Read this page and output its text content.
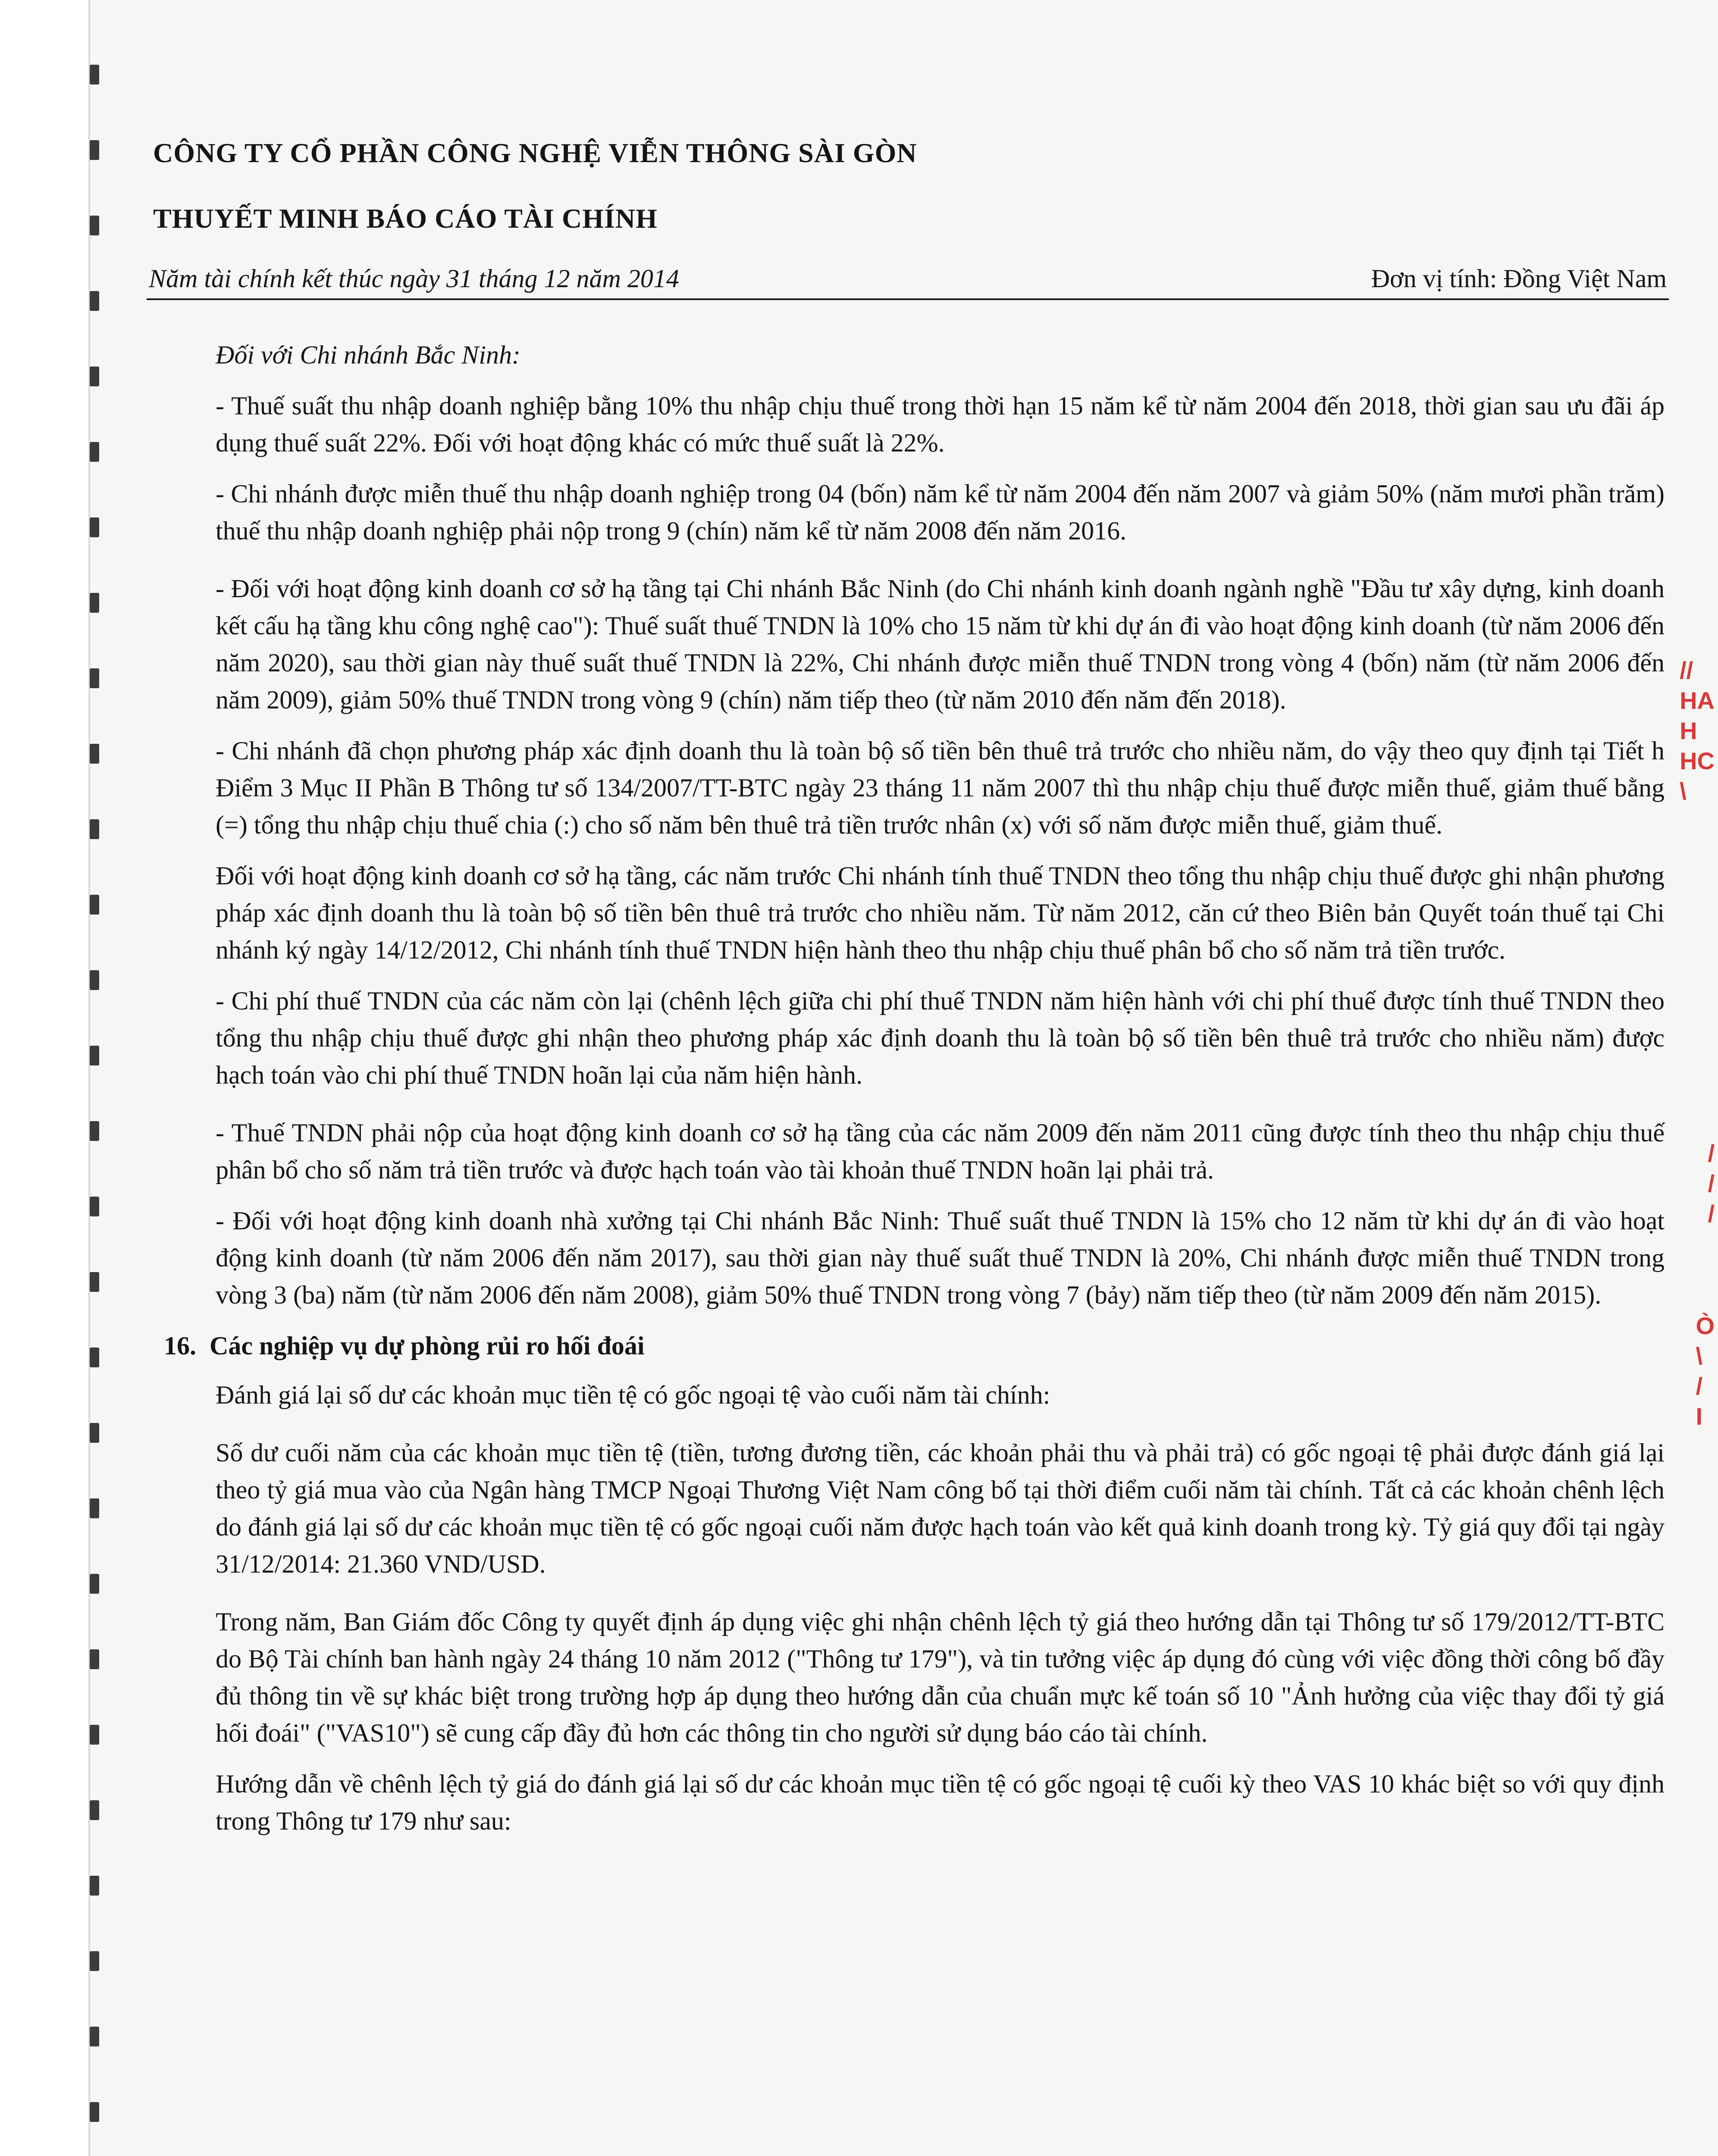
//
HA
H
HC
\
/
/
/
Ò
\
/
I
CÔNG TY CỔ PHẦN CÔNG NGHỆ VIỄN THÔNG SÀI GÒN
THUYẾT MINH BÁO CÁO TÀI CHÍNH
Năm tài chính kết thúc ngày 31 tháng 12 năm 2014	Đơn vị tính: Đồng Việt Nam

Đối với Chi nhánh Bắc Ninh:

- Thuế suất thu nhập doanh nghiệp bằng 10% thu nhập chịu thuế trong thời hạn 15 năm kể từ năm 2004 đến 2018, thời gian sau ưu đãi áp dụng thuế suất 22%. Đối với hoạt động khác có mức thuế suất là 22%.

- Chi nhánh được miễn thuế thu nhập doanh nghiệp trong 04 (bốn) năm kể từ năm 2004 đến năm 2007 và giảm 50% (năm mươi phần trăm) thuế thu nhập doanh nghiệp phải nộp trong 9 (chín) năm kể từ năm 2008 đến năm 2016.

- Đối với hoạt động kinh doanh cơ sở hạ tầng tại Chi nhánh Bắc Ninh (do Chi nhánh kinh doanh ngành nghề "Đầu tư xây dựng, kinh doanh kết cấu hạ tầng khu công nghệ cao"): Thuế suất thuế TNDN là 10% cho 15 năm từ khi dự án đi vào hoạt động kinh doanh (từ năm 2006 đến năm 2020), sau thời gian này thuế suất thuế TNDN là 22%, Chi nhánh được miễn thuế TNDN trong vòng 4 (bốn) năm (từ năm 2006 đến năm 2009), giảm 50% thuế TNDN trong vòng 9 (chín) năm tiếp theo (từ năm 2010 đến năm đến 2018).

- Chi nhánh đã chọn phương pháp xác định doanh thu là toàn bộ số tiền bên thuê trả trước cho nhiều năm, do vậy theo quy định tại Tiết h Điểm 3 Mục II Phần B Thông tư số 134/2007/TT-BTC ngày 23 tháng 11 năm 2007 thì thu nhập chịu thuế được miễn thuế, giảm thuế bằng (=) tổng thu nhập chịu thuế chia (:) cho số năm bên thuê trả tiền trước nhân (x) với số năm được miễn thuế, giảm thuế.

Đối với hoạt động kinh doanh cơ sở hạ tầng, các năm trước Chi nhánh tính thuế TNDN theo tổng thu nhập chịu thuế được ghi nhận phương pháp xác định doanh thu là toàn bộ số tiền bên thuê trả trước cho nhiều năm. Từ năm 2012, căn cứ theo Biên bản Quyết toán thuế tại Chi nhánh ký ngày 14/12/2012, Chi nhánh tính thuế TNDN hiện hành theo thu nhập chịu thuế phân bổ cho số năm trả tiền trước.

- Chi phí thuế TNDN của các năm còn lại (chênh lệch giữa chi phí thuế TNDN năm hiện hành với chi phí thuế được tính thuế TNDN theo tổng thu nhập chịu thuế được ghi nhận theo phương pháp xác định doanh thu là toàn bộ số tiền bên thuê trả trước cho nhiều năm) được hạch toán vào chi phí thuế TNDN hoãn lại của năm hiện hành.

- Thuế TNDN phải nộp của hoạt động kinh doanh cơ sở hạ tầng của các năm 2009 đến năm 2011 cũng được tính theo thu nhập chịu thuế phân bổ cho số năm trả tiền trước và được hạch toán vào tài khoản thuế TNDN hoãn lại phải trả.

- Đối với hoạt động kinh doanh nhà xưởng tại Chi nhánh Bắc Ninh: Thuế suất thuế TNDN là 15% cho 12 năm từ khi dự án đi vào hoạt động kinh doanh (từ năm 2006 đến năm 2017), sau thời gian này thuế suất thuế TNDN là 20%, Chi nhánh được miễn thuế TNDN trong vòng 3 (ba) năm (từ năm 2006 đến năm 2008), giảm 50% thuế TNDN trong vòng 7 (bảy) năm tiếp theo (từ năm 2009 đến năm 2015).

16. Các nghiệp vụ dự phòng rủi ro hối đoái

Đánh giá lại số dư các khoản mục tiền tệ có gốc ngoại tệ vào cuối năm tài chính:

Số dư cuối năm của các khoản mục tiền tệ (tiền, tương đương tiền, các khoản phải thu và phải trả) có gốc ngoại tệ phải được đánh giá lại theo tỷ giá mua vào của Ngân hàng TMCP Ngoại Thương Việt Nam công bố tại thời điểm cuối năm tài chính. Tất cả các khoản chênh lệch do đánh giá lại số dư các khoản mục tiền tệ có gốc ngoại cuối năm được hạch toán vào kết quả kinh doanh trong kỳ. Tỷ giá quy đổi tại ngày 31/12/2014: 21.360 VND/USD.

Trong năm, Ban Giám đốc Công ty quyết định áp dụng việc ghi nhận chênh lệch tỷ giá theo hướng dẫn tại Thông tư số 179/2012/TT-BTC do Bộ Tài chính ban hành ngày 24 tháng 10 năm 2012 ("Thông tư 179"), và tin tưởng việc áp dụng đó cùng với việc đồng thời công bố đầy đủ thông tin về sự khác biệt trong trường hợp áp dụng theo hướng dẫn của chuẩn mực kế toán số 10 "Ảnh hưởng của việc thay đổi tỷ giá hối đoái" ("VAS10") sẽ cung cấp đầy đủ hơn các thông tin cho người sử dụng báo cáo tài chính.

Hướng dẫn về chênh lệch tỷ giá do đánh giá lại số dư các khoản mục tiền tệ có gốc ngoại tệ cuối kỳ theo VAS 10 khác biệt so với quy định trong Thông tư 179 như sau:
